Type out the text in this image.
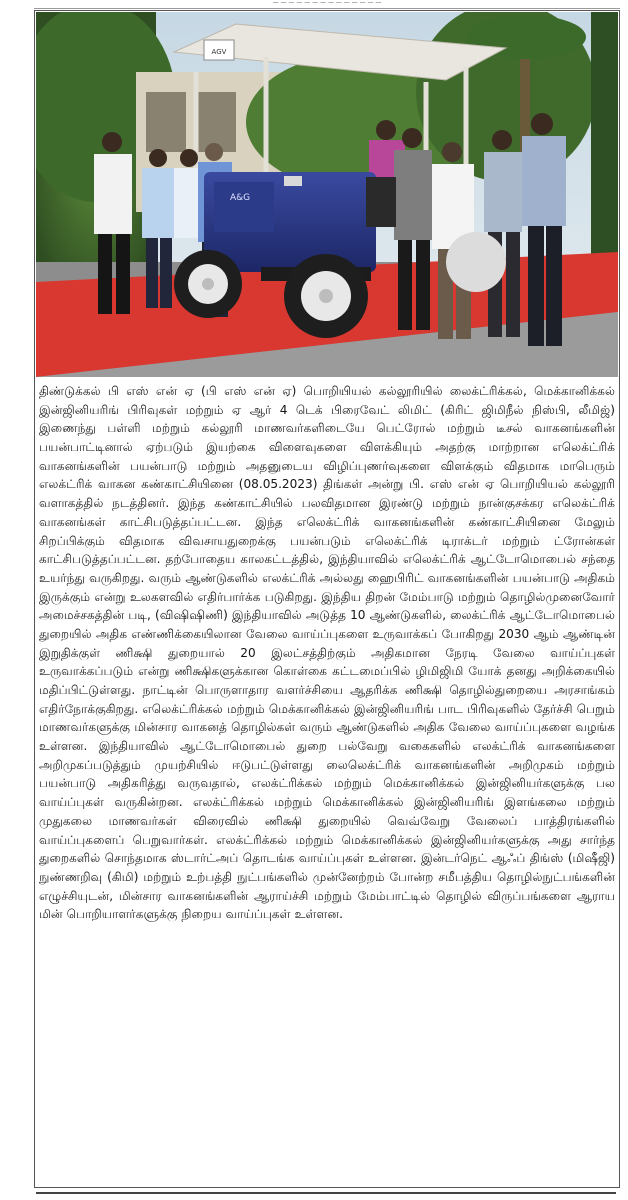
— — — — — — — — — — — — — —
AGV
A&G

திண்டுக்கல் பி எஸ் என் ஏ (பி எஸ் என் ஏ) பொறியியல் கல்லூரியில் லைக்ட்ரிக்கல், மெக்கானிக்கல் இன்ஜினியரிங் பிரிவுகள் மற்றும் ஏ ஆர் 4 டெக் பிரைவேட் லிமிட் (கிரிட் ஜிமிநீல் நிஸ்பி, லீமிஜ்) இணைந்து பள்ளி மற்றும் கல்லூரி மாணவர்களிடையே பெட்ரோல் மற்றும் டீசல் வாகனங்களின் பயன்பாட்டினால் ஏற்படும் இயற்கை விளைவுகளை விளக்கியும் அதற்கு மாற்றான எலெக்ட்ரிக் வாகனங்களின் பயன்பாடு மற்றும் அதனுடைய விழிப்புணர்வுகளை விளக்கும் விதமாக மாபெரும் எலக்ட்ரிக் வாகன கண்காட்சியினை (08.05.2023) திங்கள் அன்று பி. எஸ் என் ஏ பொறியியல் கல்லூரி வளாகத்தில் நடத்தினர். இந்த கண்காட்சியில் பலவிதமான இரண்டு மற்றும் நான்குசக்கர எலெக்ட்ரிக் வாகனங்கள் காட்சிபடுத்தப்பட்டன. இந்த எலெக்ட்ரிக் வாகனங்களின் கண்காட்சியினை மேலும் சிறப்பிக்கும் விதமாக விவசாயதுறைக்கு பயன்படும் எலெக்ட்ரிக் டிராக்டர் மற்றும் ட்ரோன்கள் காட்சிபடுத்தப்பட்டன. தற்போதைய காலகட்டத்தில், இந்தியாவில் எலெக்ட்ரிக் ஆட்டோமொபைல் சந்தை உயர்ந்து வருகிறது. வரும் ஆண்டுகளில் எலக்ட்ரிக் அல்லது ஹைபிரிட் வாகனங்களின் பயன்பாடு அதிகம் இருக்கும் என்று உலகளவில் எதிர்பார்க்க படுகிறது. இந்திய திறன் மேம்பாடு மற்றும் தொழில்முனைவோர் அமைச்சகத்தின் படி, (விஷிஷிணி) இந்தியாவில் அடுத்த 10 ஆண்டுகளில், லைக்ட்ரிக் ஆட்டோமொபைல் துறையில் அதிக எண்ணிக்கையிலான வேலை வாய்ப்புகளை உருவாக்கப் போகிறது 2030 ஆம் ஆண்டின் இறுதிக்குள் ணிக்ஷி துறையால் 20 இலட்சத்திற்கும் அதிகமான நேரடி வேலை வாய்ப்புகள் உருவாக்கப்படும் என்று ணிக்ஷிகளுக்கான கொள்கை கட்டமைப்பில் ழிமிஜிமி யோக் தனது அறிக்கையில் மதிப்பிட்டுள்ளது. நாட்டின் பொருளாதார வளர்ச்சியை ஆதரிக்க ணிக்ஷி தொழில்துறையை அரசாங்கம் எதிர்நோக்குகிறது. எலெக்ட்ரிக்கல் மற்றும் மெக்கானிக்கல் இன்ஜினியரிங் பாட பிரிவுகளில் தேர்ச்சி பெறும் மாணவர்களுக்கு மின்சார வாகனத் தொழில்கள் வரும் ஆண்டுகளில் அதிக வேலை வாய்ப்புகளை வழங்க உள்ளன. இந்தியாவில் ஆட்டோமொபைல் துறை பல்வேறு வகைகளில் எலக்ட்ரிக் வாகனங்களை அறிமுகப்படுத்தும் முயற்சியில் ஈடுபட்டுள்ளது லைலெக்ட்ரிக் வாகனங்களின் அறிமுகம் மற்றும் பயன்பாடு அதிகரித்து வருவதால், எலக்ட்ரிக்கல் மற்றும் மெக்கானிக்கல் இன்ஜினியர்களுக்கு பல வாய்ப்புகள் வருகின்றன. எலக்ட்ரிக்கல் மற்றும் மெக்கானிக்கல் இன்ஜினியரிங் இளங்கலை மற்றும் முதுகலை மாணவர்கள் விரைவில் ணிக்ஷி துறையில் வெவ்வேறு வேலைப் பாத்திரங்களில் வாய்ப்புகளைப் பெறுவார்கள். எலக்ட்ரிக்கல் மற்றும் மெக்கானிக்கல் இன்ஜினியர்களுக்கு அது சார்ந்த துறைகளில் சொந்தமாக ஸ்டார்ட்அப் தொடங்க வாய்ப்புகள் உள்ளன. இன்டர்நெட் ஆஃப் திங்ஸ் (மிஷீஜி) நுண்ணறிவு (கிமி) மற்றும் உற்பத்தி நுட்பங்களில் முன்னேற்றம் போன்ற சமீபத்திய தொழில்நுட்பங்களின் எழுச்சியுடன், மின்சார வாகனங்களின் ஆராய்ச்சி மற்றும் மேம்பாட்டில் தொழில் விருப்பங்களை ஆராய மின் பொறியாளர்களுக்கு நிறைய வாய்ப்புகள் உள்ளன.
